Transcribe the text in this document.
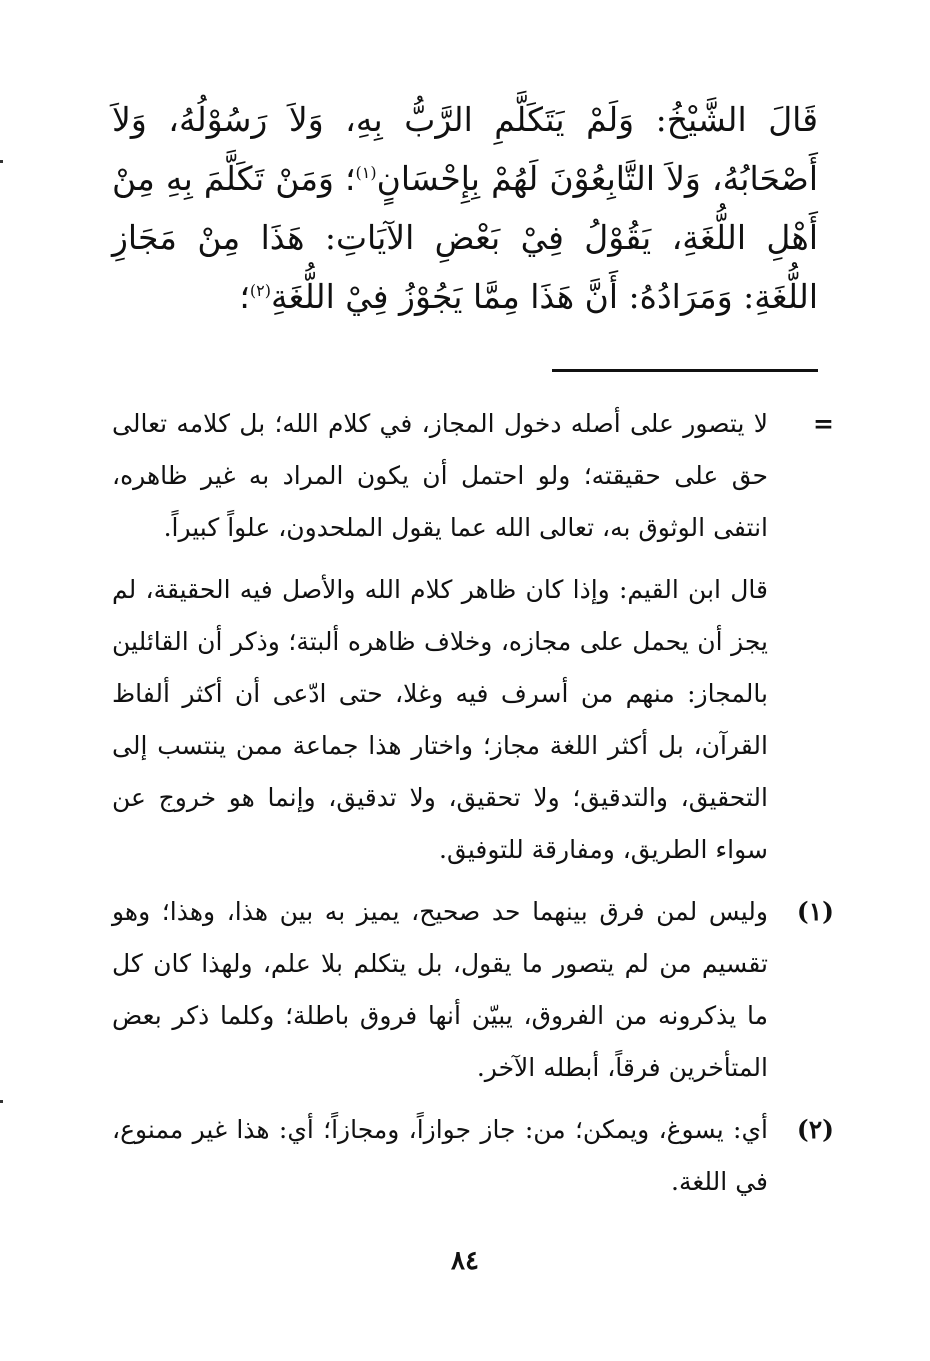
قَالَ الشَّيْخُ: وَلَمْ يَتَكَلَّمِ الرَّبُّ بِهِ، وَلاَ رَسُوْلُهُ، وَلاَ أَصْحَابُهُ، وَلاَ التَّابِعُوْنَ لَهُمْ بِإِحْسَانٍ$^{(١)}$؛ وَمَنْ تَكَلَّمَ بِهِ مِنْ أَهْلِ اللُّغَةِ، يَقُوْلُ فِيْ بَعْضِ الآيَاتِ: هَذَا مِنْ مَجَازِ اللُّغَةِ: وَمَرَادُهُ: أَنَّ هَذَا مِمَّا يَجُوْزُ فِيْ اللُّغَةِ$^{(٢)}$؛

=

لا يتصور على أصله دخول المجاز، في كلام الله؛ بل كلامه تعالى حق على حقيقته؛ ولو احتمل أن يكون المراد به غير ظاهره، انتفى الوثوق به، تعالى الله عما يقول الملحدون، علواً كبيراً.

قال ابن القيم: وإذا كان ظاهر كلام الله والأصل فيه الحقيقة، لم يجز أن يحمل على مجازه، وخلاف ظاهره ألبتة؛ وذكر أن القائلين بالمجاز: منهم من أسرف فيه وغلا، حتى ادّعى أن أكثر ألفاظ القرآن، بل أكثر اللغة مجاز؛ واختار هذا جماعة ممن ينتسب إلى التحقيق، والتدقيق؛ ولا تحقيق، ولا تدقيق، وإنما هو خروج عن سواء الطريق، ومفارقة للتوفيق.

(١)

وليس لمن فرق بينهما حد صحيح، يميز به بين هذا، وهذا؛ وهو تقسيم من لم يتصور ما يقول، بل يتكلم بلا علم، ولهذا كان كل ما يذكرونه من الفروق، يبيّن أنها فروق باطلة؛ وكلما ذكر بعض المتأخرين فرقاً، أبطله الآخر.

(٢)

أي: يسوغ، ويمكن؛ من: جاز جوازاً، ومجازاً؛ أي: هذا غير ممنوع، في اللغة.

٨٤
